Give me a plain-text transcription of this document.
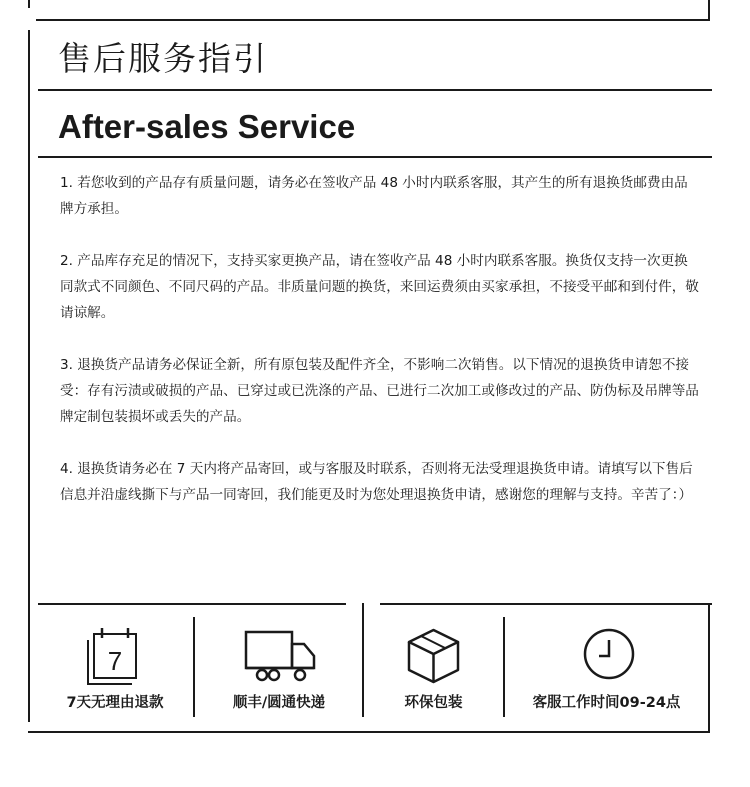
售后服务指引
After-sales Service

1. 若您收到的产品存有质量问题，请务必在签收产品 48 小时内联系客服，其产生的所有退换货邮费由品牌方承担。

2. 产品库存充足的情况下，支持买家更换产品，请在签收产品 48 小时内联系客服。换货仅支持一次更换同款式不同颜色、不同尺码的产品。非质量问题的换货，来回运费须由买家承担，不接受平邮和到付件，敬请谅解。

3. 退换货产品请务必保证全新，所有原包装及配件齐全，不影响二次销售。以下情况的退换货申请恕不接受：存有污渍或破损的产品、已穿过或已洗涤的产品、已进行二次加工或修改过的产品、防伪标及吊牌等品牌定制包装损坏或丢失的产品。

4. 退换货请务必在 7 天内将产品寄回，或与客服及时联系，否则将无法受理退换货申请。请填写以下售后信息并沿虚线撕下与产品一同寄回，我们能更及时为您处理退换货申请，感谢您的理解与支持。辛苦了：）

7
7天无理由退款	顺丰/圆通快递	环保包装	客服工作时间09-24点
